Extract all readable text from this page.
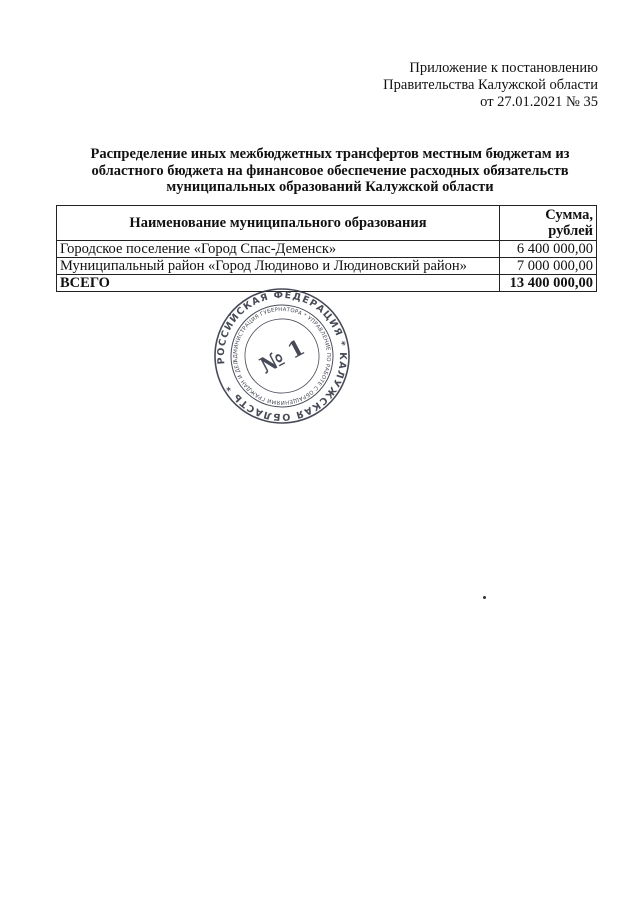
Приложение к постановлению
Правительства Калужской области
от 27.01.2021 № 35
Распределение иных межбюджетных трансфертов местным бюджетам из
областного бюджета на финансовое обеспечение расходных обязательств
муниципальных образований Калужской области
Наименование муниципального образования	Сумма,
рублей

Городское поселение «Город Спас-Деменск»	6 400 000,00
Муниципальный район «Город Людиново и Людиновский район»	7 000 000,00
ВСЕГО	13 400 000,00
РОССИЙСКАЯ ФЕДЕРАЦИЯ * КАЛУЖСКАЯ ОБЛАСТЬ *
АДМИНИСТРАЦИЯ ГУБЕРНАТОРА * УПРАВЛЕНИЕ ПО РАБОТЕ С ОБРАЩЕНИЯМИ ГРАЖДАН И ДЕЛОПРОИЗВОДСТВУ
№ 1
